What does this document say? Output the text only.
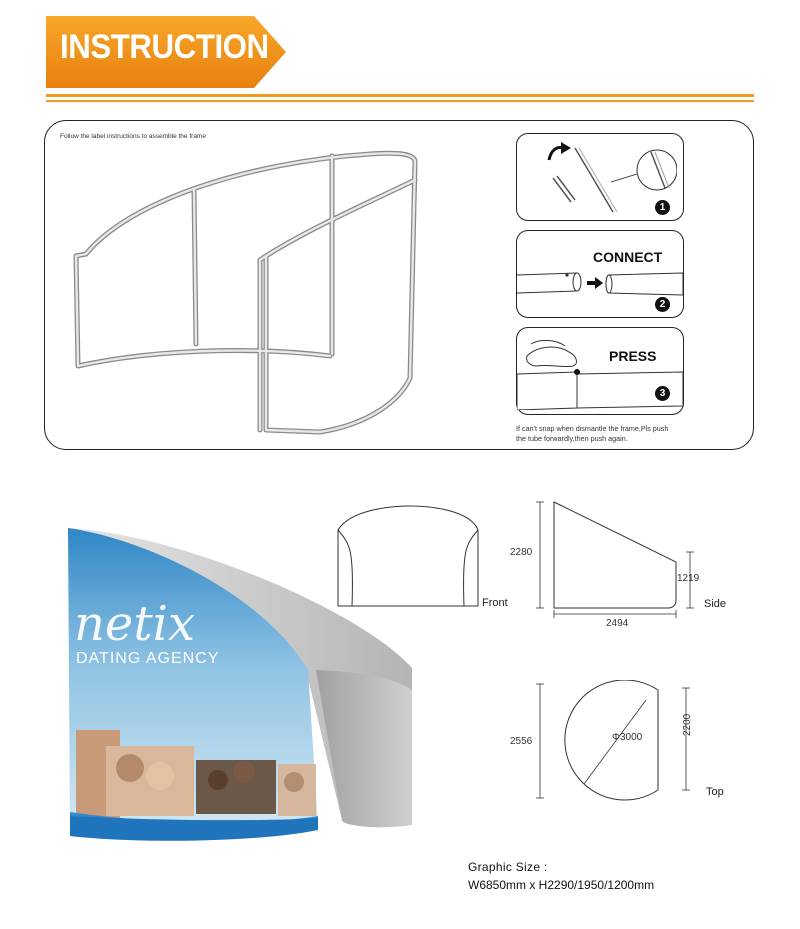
INSTRUCTION
Follow the label instructions to assemble the frame
1
CONNECT
2
PRESS
3
If can't snap when dismantle the frame,Pls push
the tube forwardly,then push again.
netix
DATING AGENCY
Front
2280
1219
2494
Side
2556	Φ3000
2200
Top
Graphic Size :
W6850mm x H2290/1950/1200mm
